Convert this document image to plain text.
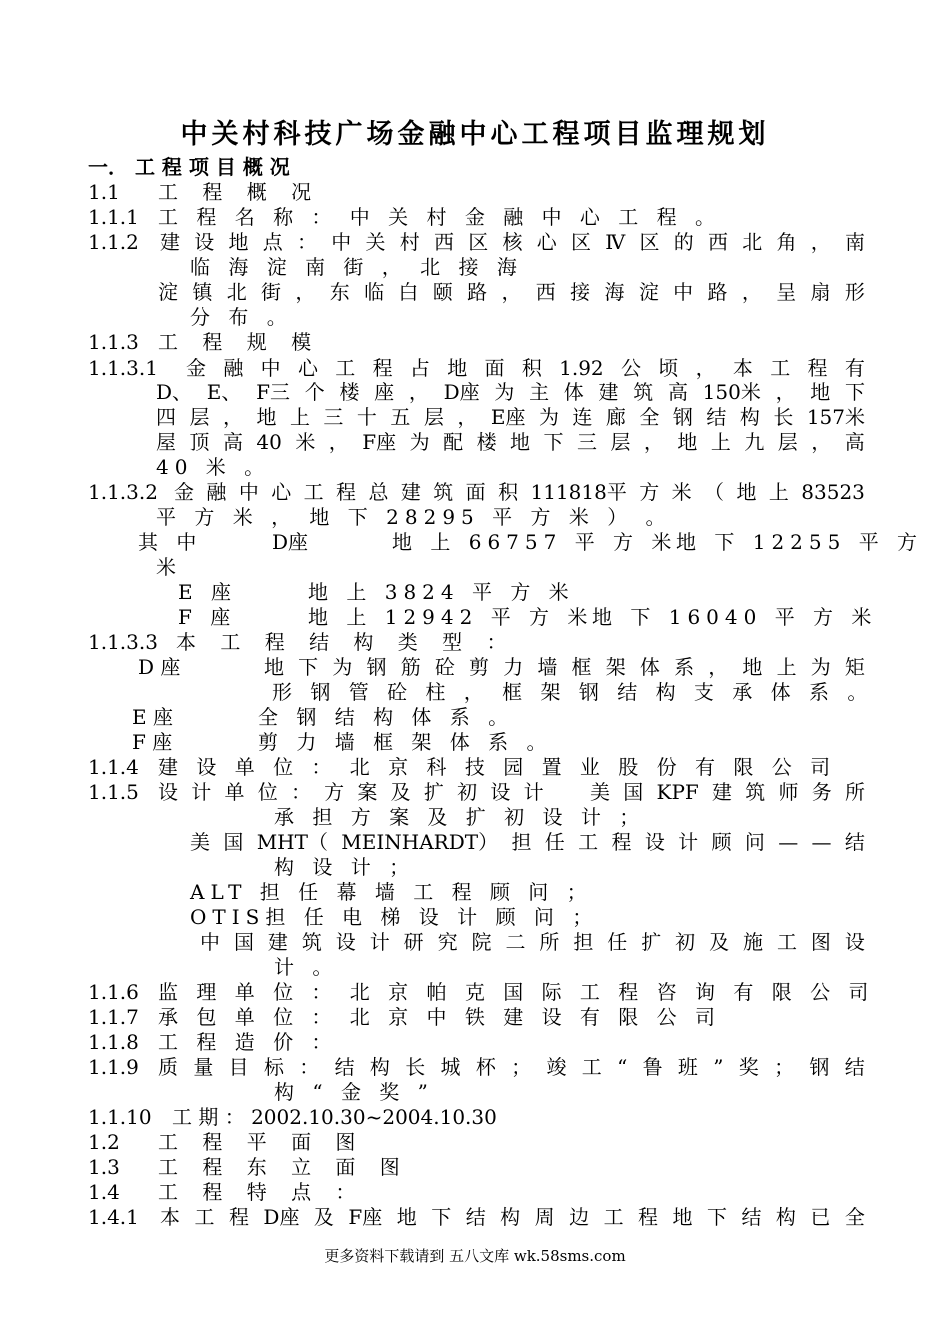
中关村科技广场金融中心工程项目监理规划
一． 工 程 项 目 概 况
1.1 工 程 概 况
1.1.1 工 程 名 称 ： 中 关 村 金 融 中 心 工 程 。
1.1.2 建 设 地 点 ： 中 关 村 西 区 核 心 区 Ⅳ 区 的 西 北 角 ， 南
临 海 淀 南 街 ， 北 接 海
淀 镇 北 街 ， 东 临 白 颐 路 ， 西 接 海 淀 中 路 ， 呈 扇 形
分 布 。
1.1.3 工 程 规 模
1.1.3.1 金 融 中 心 工 程 占 地 面 积 1.92 公 顷 ， 本 工 程 有
D、 E、 F三 个 楼 座 ， D座 为 主 体 建 筑 高 150米 ， 地 下
四 层 ， 地 上 三 十 五 层 ， E座 为 连 廊 全 钢 结 构 长 157米
屋 顶 高 40 米 ， F座 为 配 楼 地 下 三 层 ， 地 上 九 层 ， 高
40 米 。
1.1.3.2 金 融 中 心 工 程 总 建 筑 面 积 111818平 方 米 （ 地 上 83523
平 方 米 ， 地 下 28295 平 方 米 ） 。
其 中	D座	地 上 66757 平 方 米
地 下 12255 平 方
米
E 座	地 上 3824 平 方 米
F 座	地 上 12942 平 方 米
地 下 16040 平 方 米
1.1.3.3 本 工 程 结 构 类 型 ：
D 座	地 下 为 钢 筋 砼 剪 力 墙 框 架 体 系 ， 地 上 为 矩
形 钢 管 砼 柱 ， 框 架 钢 结 构 支 承 体 系 。
E 座	全 钢 结 构 体 系 。
F 座	剪 力 墙 框 架 体 系 。
1.1.4 建 设 单 位 ： 北 京 科 技 园 置 业 股 份 有 限 公 司
1.1.5 设 计 单 位 ： 方 案 及 扩 初 设 计
　 美 国 KPF 建 筑 师 务 所
承 担 方 案 及 扩 初 设 计 ；
美 国 MHT（ MEINHARDT） 担 任 工 程 设 计 顾 问 — — 结
构 设 计 ；
ALT 担 任 幕 墙 工 程 顾 问 ；
OTIS担 任 电 梯 设 计 顾 问 ；
中 国 建 筑 设 计 研 究 院 二 所 担 任 扩 初 及 施 工 图 设
计 。
1.1.6 监 理 单 位 ： 北 京 帕 克 国 际 工 程 咨 询 有 限 公 司
1.1.7 承 包 单 位 ： 北 京 中 铁 建 设 有 限 公 司
1.1.8 工 程 造 价 ：
1.1.9 质 量 目 标 ： 结 构 长 城 杯 ； 竣 工 “ 鲁 班 ” 奖 ； 钢 结
构 “ 金 奖 ”
1.1.10 工 期 ： 2002.10.30~2004.10.30
1.2 工 程 平 面 图
1.3 工 程 东 立 面 图
1.4 工 程 特 点 ：
1.4.1 本 工 程 D座 及 F座 地 下 结 构 周 边 工 程 地 下 结 构 已 全
更多资料下载请到 五八文库 wk.58sms.com
